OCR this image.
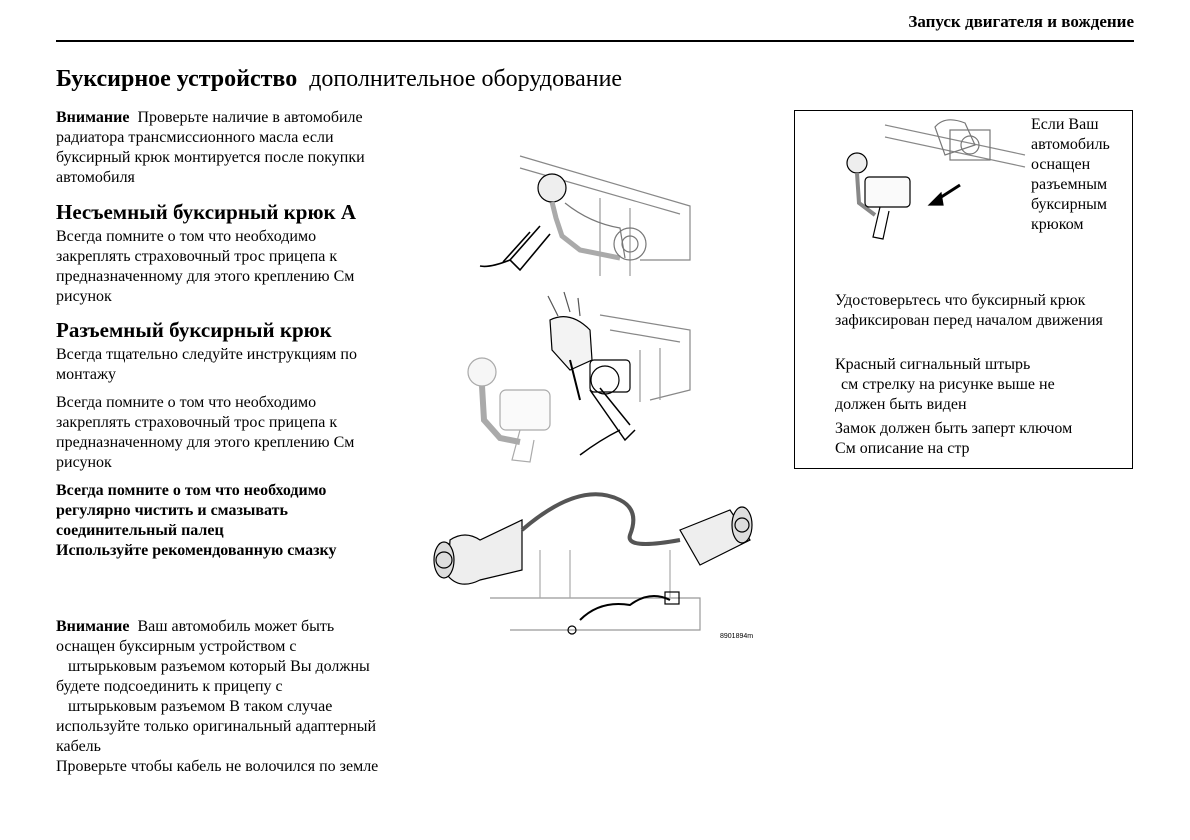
Запуск двигателя и вождение
Буксирное устройство дополнительное оборудование

Внимание Проверьте наличие в автомобиле радиатора трансмиссионного масла если буксирный крюк монтируется после покупки автомобиля

Несъемный буксирный крюк А
Всегда помните о том что необходимо закреплять страховочный трос прицепа к предназначенному для этого креплению См рисунок
Разъемный буксирный крюк
Всегда тщательно следуйте инструкциям по монтажу
Всегда помните о том что необходимо закреплять страховочный трос прицепа к предназначенному для этого креплению См рисунок

Всегда помните о том что необходимо регулярно чистить и смазывать соединительный палец

Используйте рекомендованную смазку

Внимание Ваш автомобиль может быть оснащен буксирным устройством с

штырьковым разъемом который Вы должны будете подсоединить к прицепу с

штырьковым разъемом В таком случае используйте только оригинальный адаптерный кабель

Проверьте чтобы кабель не волочился по земле

8901894m
Если Ваш автомобиль оснащен разъемным буксирным крюком
Удостоверьтесь что буксирный крюк зафиксирован перед началом движения
Красный сигнальный штырь
см стрелку на рисунке выше не должен быть виден
Замок должен быть заперт ключом
См описание на стр
